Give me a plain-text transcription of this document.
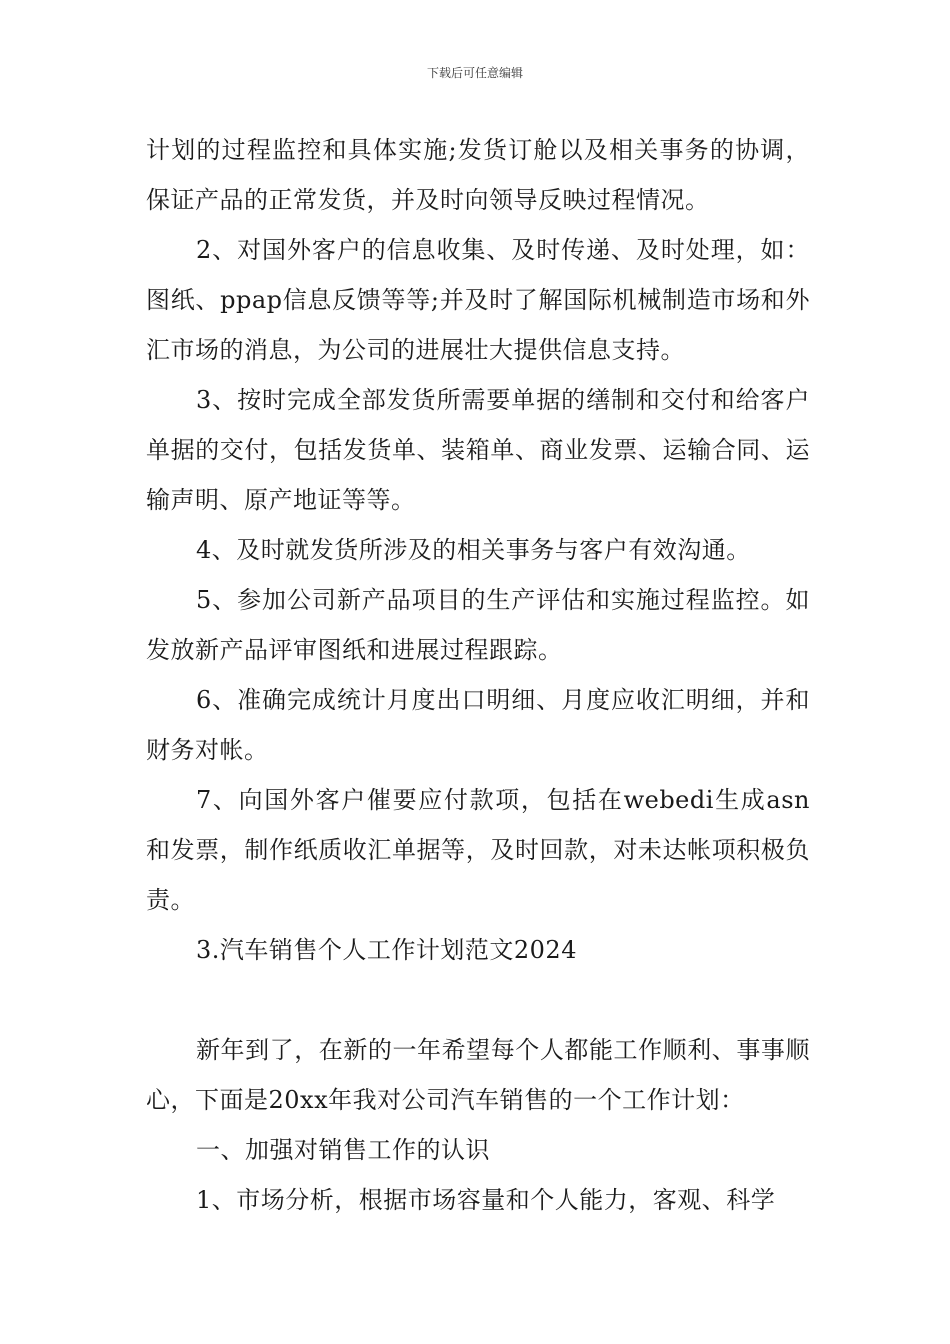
下载后可任意编辑

计划的过程监控和具体实施;发货订舱以及相关事务的协调，保证产品的正常发货，并及时向领导反映过程情况。

2、对国外客户的信息收集、及时传递、及时处理，如：图纸、ppap信息反馈等等;并及时了解国际机械制造市场和外汇市场的消息，为公司的进展壮大提供信息支持。

3、按时完成全部发货所需要单据的缮制和交付和给客户单据的交付，包括发货单、装箱单、商业发票、运输合同、运输声明、原产地证等等。

4、及时就发货所涉及的相关事务与客户有效沟通。

5、参加公司新产品项目的生产评估和实施过程监控。如发放新产品评审图纸和进展过程跟踪。

6、准确完成统计月度出口明细、月度应收汇明细，并和财务对帐。

7、向国外客户催要应付款项，包括在webedi生成asn和发票，制作纸质收汇单据等，及时回款，对未达帐项积极负责。

3.汽车销售个人工作计划范文2024

新年到了，在新的一年希望每个人都能工作顺利、事事顺心，下面是20xx年我对公司汽车销售的一个工作计划：

一、加强对销售工作的认识

1、市场分析，根据市场容量和个人能力，客观、科学
